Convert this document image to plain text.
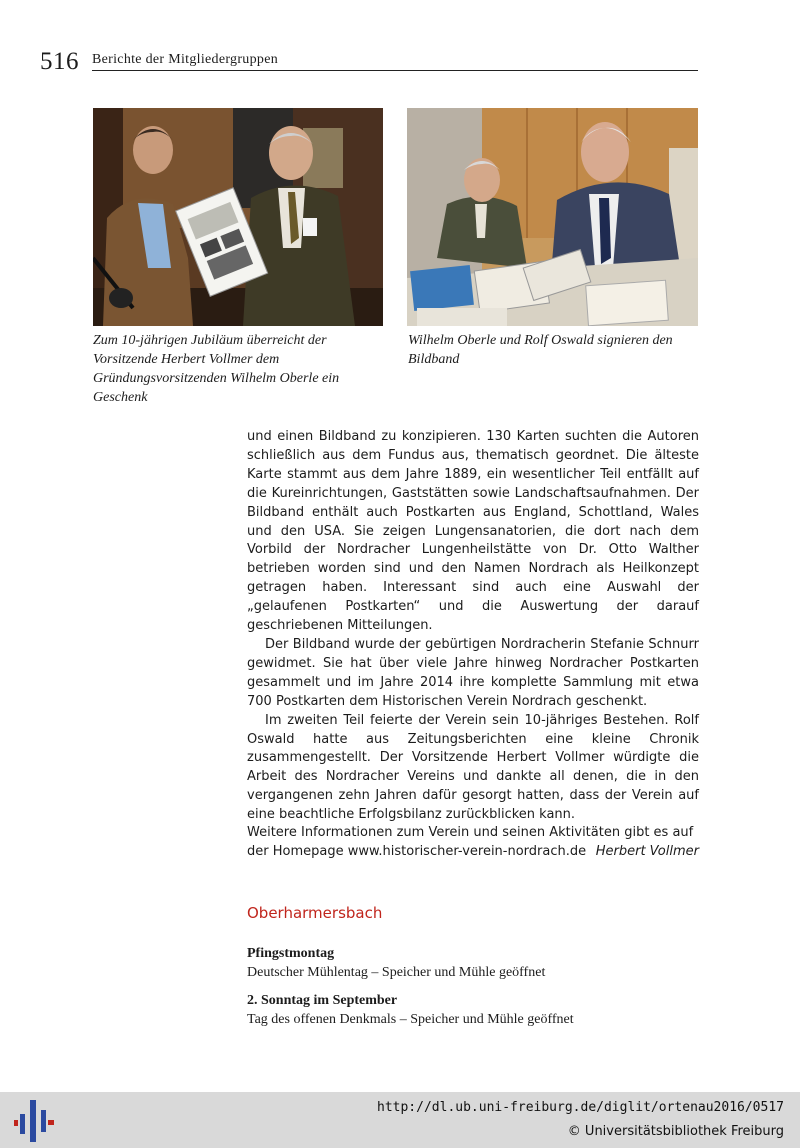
516 Berichte der Mitgliedergruppen
Zum 10-jährigen Jubiläum überreicht der Vorsitzende Herbert Vollmer dem Gründungsvorsitzenden Wilhelm Oberle ein Geschenk
Wilhelm Oberle und Rolf Oswald signieren den Bildband

und einen Bildband zu konzipieren. 130 Karten suchten die Autoren schließlich aus dem Fundus aus, thematisch geordnet. Die älteste Karte stammt aus dem Jahre 1889, ein wesentlicher Teil entfällt auf die Kureinrichtungen, Gaststätten sowie Landschaftsaufnahmen. Der Bildband enthält auch Postkarten aus England, Schottland, Wales und den USA. Sie zeigen Lungensanatorien, die dort nach dem Vorbild der Nordracher Lungenheilstätte von Dr. Otto Walther betrieben worden sind und den Namen Nordrach als Heilkonzept getragen haben. Interessant sind auch eine Auswahl der „gelaufenen Postkarten“ und die Auswertung der darauf geschriebenen Mitteilungen.

Der Bildband wurde der gebürtigen Nordracherin Stefanie Schnurr gewidmet. Sie hat über viele Jahre hinweg Nordracher Postkarten gesammelt und im Jahre 2014 ihre komplette Sammlung mit etwa 700 Postkarten dem Historischen Verein Nordrach geschenkt.

Im zweiten Teil feierte der Verein sein 10-jähriges Bestehen. Rolf Oswald hatte aus Zeitungsberichten eine kleine Chronik zusammengestellt. Der Vorsitzende Herbert Vollmer würdigte die Arbeit des Nordracher Vereins und dankte all denen, die in den vergangenen zehn Jahren dafür gesorgt hatten, dass der Verein auf eine beachtliche Erfolgsbilanz zurückblicken kann.

Weitere Informationen zum Verein und seinen Aktivitäten gibt es auf
der Homepage www.historischer-verein-nordrach.de Herbert Vollmer
Oberharmersbach
Pfingstmontag
Deutscher Mühlentag – Speicher und Mühle geöffnet
2. Sonntag im September
Tag des offenen Denkmals – Speicher und Mühle geöffnet
http://dl.ub.uni-freiburg.de/diglit/ortenau2016/0517
© Universitätsbibliothek Freiburg
